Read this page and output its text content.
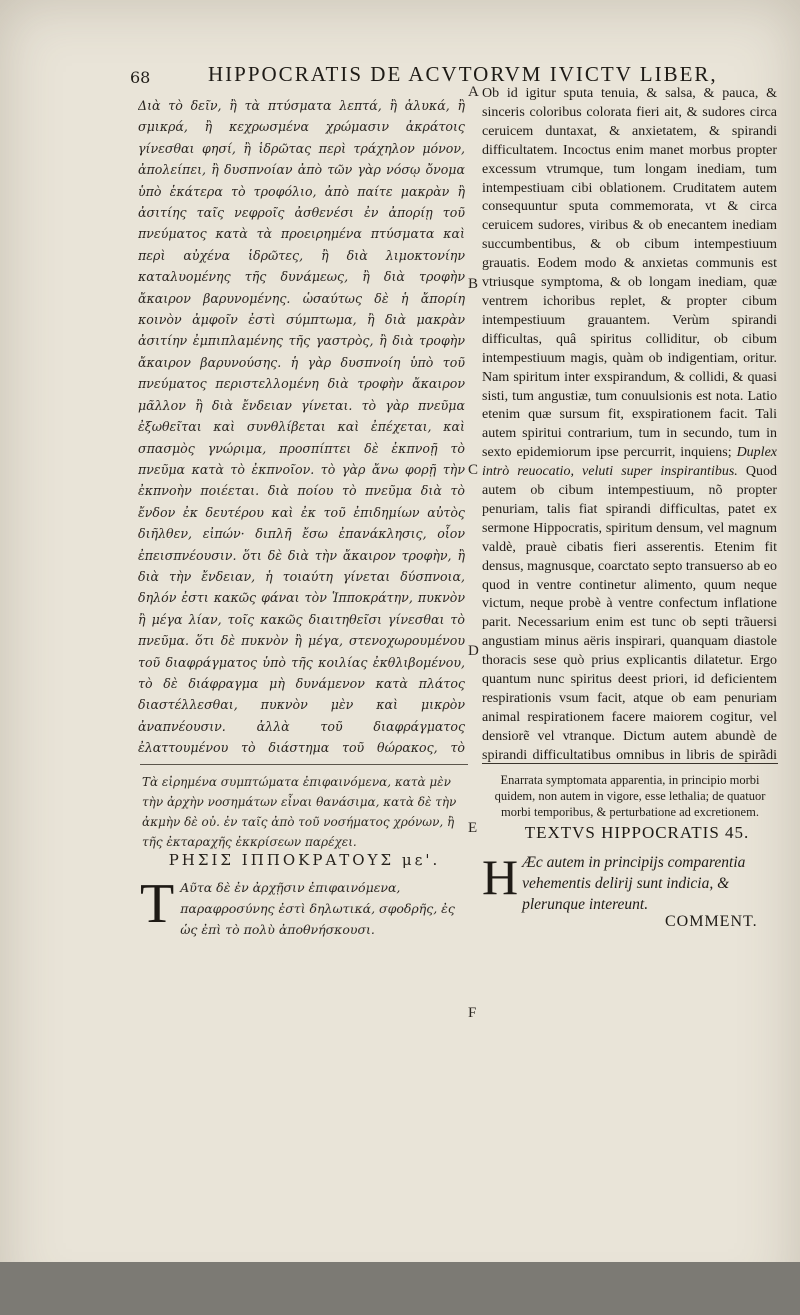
68	HIPPOCRATIS DE ACVTORVM IVICTV LIBER,
Διὰ τὸ δεῖν, ἢ τὰ πτύσματα λεπτά, ἢ ἁλυκά, ἢ σμικρά, ἢ κεχρωσμένα χρώμασιν ἀκράτοις γίνεσθαι φησί, ἢ ἱδρῶτας περὶ τράχηλον μόνον, ἀπολείπει, ἢ δυσπνοίαν ἀπὸ τῶν γὰρ νόσῳ ὄνομα ὑπὸ ἑκάτερα τὸ τροφόλιο, ἀπὸ παίτε μακρὰν ἢ ἀσιτίης ταῖς νεφροῖς ἀσθενέσι ἐν ἀπορίῃ τοῦ πνεύματος κατὰ τὰ προειρημένα πτύσματα καὶ περὶ αὐχένα ἱδρῶτες, ἢ διὰ λιμοκτονίην καταλυομένης τῆς δυνάμεως, ἢ διὰ τροφὴν ἄκαιρον βαρυνομένης. ὡσαύτως δὲ ἡ ἄπορίη κοινὸν ἀμφοῖν ἐστὶ σύμπτωμα, ἢ διὰ μακρὰν ἀσιτίην ἐμπιπλαμένης τῆς γαστρὸς, ἢ διὰ τροφὴν ἄκαιρον βαρυνούσης. ἡ γὰρ δυσπνοίη ὑπὸ τοῦ πνεύματος περιστελλομένη διὰ τροφὴν ἄκαιρον μᾶλλον ἢ διὰ ἔνδειαν γίνεται. τὸ γὰρ πνεῦμα ἐξωθεῖται καὶ συνθλίβεται καὶ ἐπέχεται, καὶ σπασμὸς γνώριμα, προσπίπτει δὲ ἐκπνοῇ τὸ πνεῦμα κατὰ τὸ ἐκπνοῖον. τὸ γὰρ ἄνω φορῇ τὴν ἐκπνοὴν ποιέεται. διὰ ποίου τὸ πνεῦμα διὰ τὸ ἔνδον ἐκ δευτέρου καὶ ἐκ τοῦ ἐπιδημίων αὐτὸς διῆλθεν, εἰπών· διπλῆ ἔσω ἐπανάκλησις, οἷον ἐπεισπνέουσιν. ὅτι δὲ διὰ τὴν ἄκαιρον τροφὴν, ἢ διὰ τὴν ἔνδειαν, ἡ τοιαύτη γίνεται δύσπνοια, δηλόν ἐστι κακῶς φάναι τὸν Ἱπποκράτην, πυκνὸν ἢ μέγα λίαν, τοῖς κακῶς διαιτηθεῖσι γίνεσθαι τὸ πνεῦμα. ὅτι δὲ πυκνὸν ἢ μέγα, στενοχωρουμένου τοῦ διαφράγματος ὑπὸ τῆς κοιλίας ἐκθλιβομένου, τὸ δὲ διάφραγμα μὴ δυνάμενον κατὰ πλάτος διαστέλλεσθαι, πυκνὸν μὲν καὶ μικρὸν ἀναπνέουσιν. ἀλλὰ τοῦ διαφράγματος ἐλαττουμένου τὸ διάστημα τοῦ θώρακος, τὸ
A
B
C
D
E
F
Ob id igitur sputa tenuia, & salsa, & pauca, & sinceris coloribus colorata fieri ait, & sudores circa ceruicem duntaxat, & anxietatem, & spirandi difficultatem. Incoctus enim manet morbus propter excessum vtrumque, tum longam inediam, tum intempestiuam cibi oblationem. Cruditatem autem consequuntur sputa commemorata, vt & circa ceruicem sudores, viribus & ob enecantem inediam succumbentibus, & ob cibum intempestiuum grauatis. Eodem modo & anxietas communis est vtriusque symptoma, & ob longam inediam, quæ ventrem ichoribus replet, & propter cibum intempestiuum grauantem. Verùm spirandi difficultas, quâ spiritus colliditur, ob cibum intempestiuum magis, quàm ob indigentiam, oritur. Nam spiritum inter exspirandum, & collidi, & quasi sisti, tum angustiæ, tum conuulsionis est nota. Latio etenim quæ sursum fit, exspirationem facit. Tali autem spiritui contrarium, tum in secundo, tum in sexto epidemiorum ipse percurrit, inquiens; Duplex intrò reuocatio, veluti super inspirantibus. Quod autem ob cibum intempestiuum, nõ propter penuriam, talis fiat spirandi difficultas, patet ex sermone Hippocratis, spiritum densum, vel magnum valdè, prauè cibatis fieri asserentis. Etenim fit densus, magnusque, coarctato septo transuerso ab eo quod in ventre continetur alimento, quum neque victum, neque probè à ventre confectum inflatione parit. Necessarium enim est tunc ob septi trãuersi angustiam minus aëris inspirari, quanquam diastole thoracis sese quò prius explicantis dilatetur. Ergo quantum nunc spiritus deest priori, id deficientem respirationis vsum facit, atque ob eam penuriam animal respirationem facere maiorem cogitur, vel densiorẽ vel vtranque. Dictum autem abundè de spirandi difficultatibus omnibus in libris de spirãdi
Τὰ εἰρημένα συμπτώματα ἐπιφαινόμενα, κατὰ μὲν τὴν ἀρχὴν νοσημάτων εἶναι θανάσιμα, κατὰ δὲ τὴν ἀκμὴν δὲ οὐ. ἐν ταῖς ἀπὸ τοῦ νοσήματος χρόνων, ἢ τῆς ἐκταραχῆς ἐκκρίσεων παρέχει.
Enarrata symptomata apparentia, in principio morbi quidem, non autem in vigore, esse lethalia; de quatuor morbi temporibus, & perturbatione ad excretionem.
ΡΗΣΙΣ ΙΠΠΟΚΡΑΤΟΥΣ με'.
TEXTVS HIPPOCRATIS 45.
T Αῦτα δὲ ἐν ἀρχῇσιν ἐπιφαινόμενα, παραφροσύνης ἐστὶ δηλωτικά, σφοδρῆς, ἐς ὡς ἐπὶ τὸ πολὺ ἀποθνήσκουσι.
H Æc autem in principijs comparentia vehementis delirij sunt indicia, & plerunque intereunt.
COMMENT.
